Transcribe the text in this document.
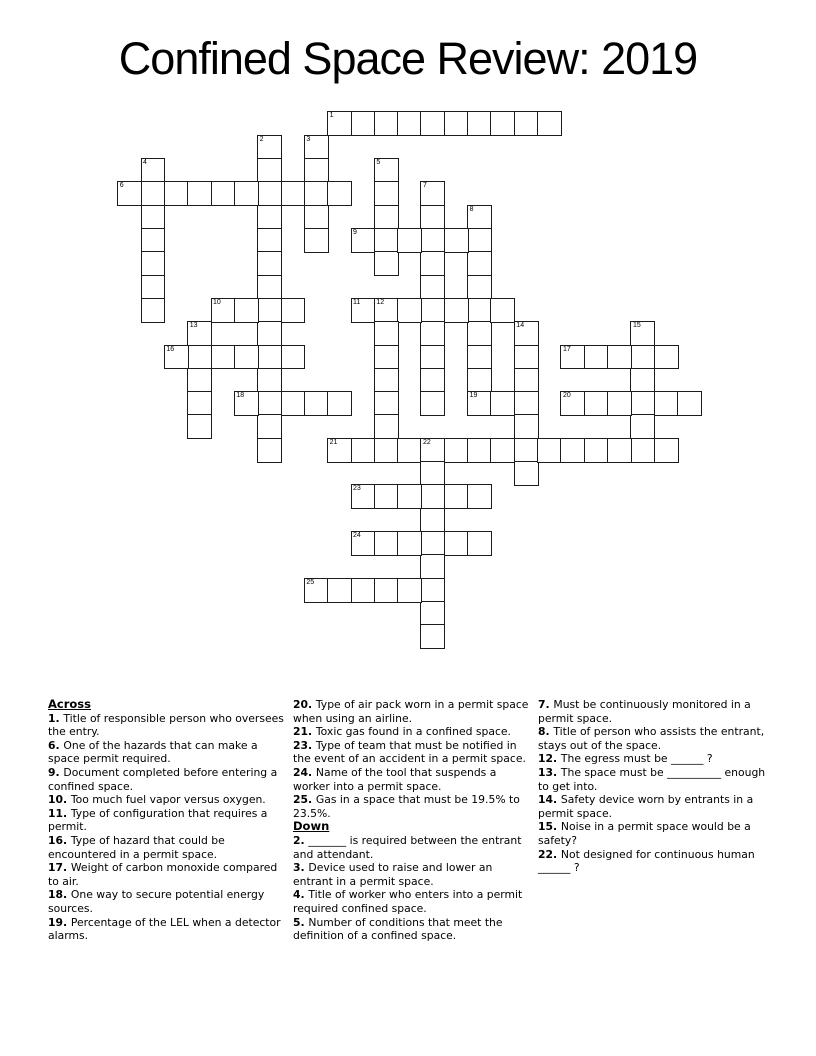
Confined Space Review: 2019
1
2	3
4	5
6	7
8
19
9
10	11 12
13	14	15
16	17
18	20
21	22
23
24
25
Across

1. Title of responsible person who oversees the entry.

6. One of the hazards that can make a space permit required.

9. Document completed before entering a confined space.

10. Too much fuel vapor versus oxygen.

11. Type of configuration that requires a permit.

16. Type of hazard that could be encountered in a permit space.

17. Weight of carbon monoxide compared to air.

18. One way to secure potential energy sources.

19. Percentage of the LEL when a detector alarms.

20. Type of air pack worn in a permit space when using an airline.

21. Toxic gas found in a confined space.

23. Type of team that must be notified in the event of an accident in a permit space.

24. Name of the tool that suspends a worker into a permit space.

25. Gas in a space that must be 19.5% to 23.5%.

Down

2. _______ is required between the entrant and attendant.

3. Device used to raise and lower an entrant in a permit space.

4. Title of worker who enters into a permit required confined space.

5. Number of conditions that meet the definition of a confined space.

7. Must be continuously monitored in a permit space.

8. Title of person who assists the entrant, stays out of the space.

12. The egress must be ______ ?

13. The space must be __________ enough to get into.

14. Safety device worn by entrants in a permit space.

15. Noise in a permit space would be a safety?

22. Not designed for continuous human ______ ?
